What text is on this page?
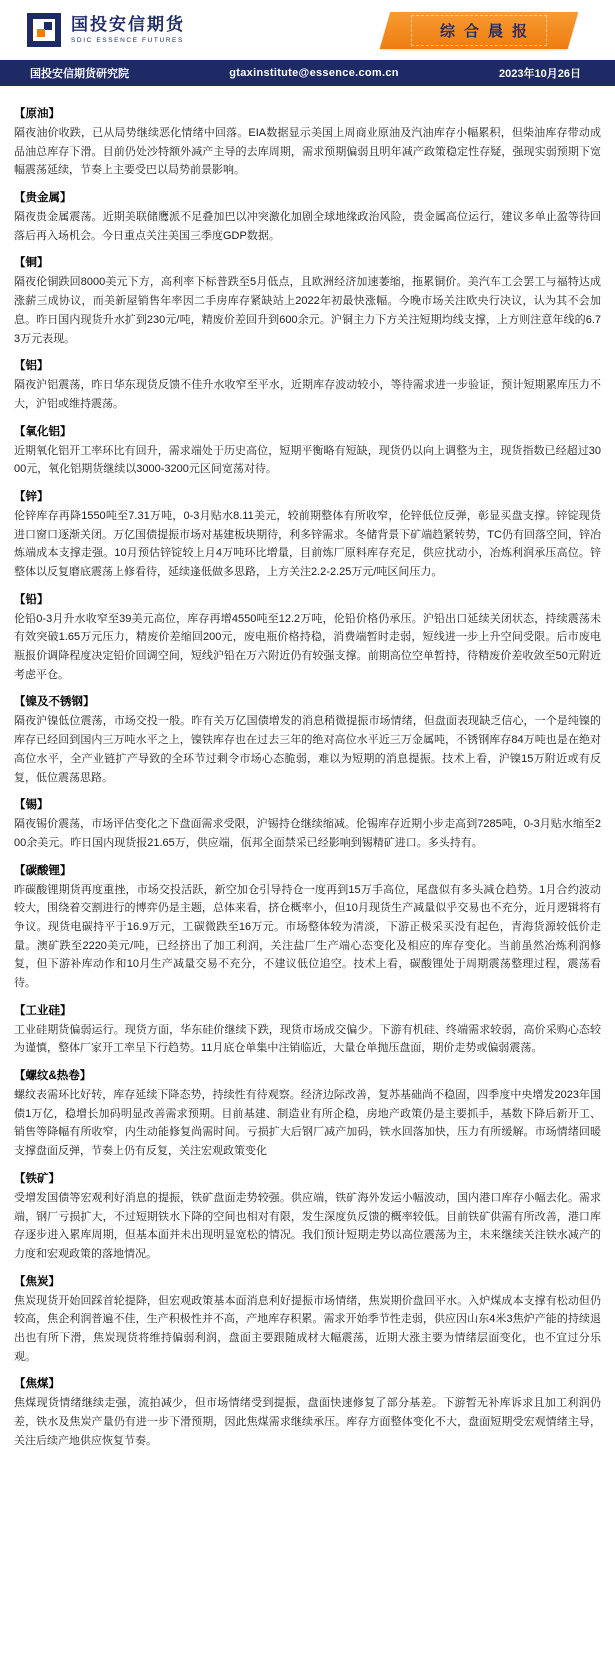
国投安信期货
SDIC ESSENCE FUTURES
综合晨报
国投安信期货研究院	gtaxinstitute@essence.com.cn	2023年10月26日
【原油】

隔夜油价收跌，已从局势继续恶化情绪中回落。EIA数据显示美国上周商业原油及汽油库存小幅累积，但柴油库存带动成品油总库存下滑。目前仍处沙特额外减产主导的去库周期，需求预期偏弱且明年减产政策稳定性存疑，强现实弱预期下宽幅震荡延续，节奏上主要受巴以局势前景影响。

【贵金属】

隔夜贵金属震荡。近期美联储鹰派不足叠加巴以冲突激化加剧全球地缘政治风险，贵金属高位运行，建议多单止盈等待回落后再入场机会。今日重点关注美国三季度GDP数据。

【铜】

隔夜伦铜跌回8000美元下方，高利率下标普跌至5月低点，且欧洲经济加速萎缩，拖累铜价。美汽车工会罢工与福特达成涨薪三成协议，而美新屋销售年率因二手房库存紧缺站上2022年初最快涨幅。今晚市场关注欧央行决议，认为其不会加息。昨日国内现货升水扩到230元/吨，精废价差回升到600余元。沪铜主力下方关注短期均线支撑，上方则注意年线的6.73万元表现。

【铝】

隔夜沪铝震荡，昨日华东现货反馈不佳升水收窄至平水，近期库存波动较小，等待需求进一步验证，预计短期累库压力不大，沪铝或维持震荡。

【氧化铝】

近期氧化铝开工率环比有回升，需求端处于历史高位，短期平衡略有短缺，现货仍以向上调整为主，现货指数已经超过3000元，氧化铝期货继续以3000-3200元区间宽荡对待。

【锌】

伦锌库存再降1550吨至7.31万吨，0-3月贴水8.11美元，较前期整体有所收窄，伦锌低位反弹，彰显买盘支撑。锌锭现货进口窗口逐渐关闭。万亿国债提振市场对基建板块期待，利多锌需求。冬储背景下矿端趋紧转势，TC仍有回落空间，锌冶炼端成本支撑走强。10月预估锌锭较上月4万吨环比增量，目前炼厂原料库存充足，供应扰动小，冶炼利润承压高位。锌整体以反复磨底震荡上修看待，延续逢低做多思路，上方关注2.2-2.25万元/吨区间压力。

【铅】

伦铅0-3月升水收窄至39美元高位，库存再增4550吨至12.2万吨，伦铅价格仍承压。沪铅出口延续关闭状态，持续震荡未有效突破1.65万元压力，精废价差缩回200元，废电瓶价格持稳，消费端暂时走弱，短线进一步上升空间受限。后市废电瓶报价调降程度决定铅价回调空间，短线沪铅在万六附近仍有较强支撑。前期高位空单暂持，待精废价差收敛至50元附近考虑平仓。

【镍及不锈钢】

隔夜沪镍低位震荡，市场交投一般。昨有关万亿国债增发的消息稍微提振市场情绪，但盘面表现缺乏信心，一个是纯镍的库存已经回到国内三万吨水平之上，镍铁库存也在过去三年的绝对高位水平近三万金属吨，不锈钢库存84万吨也是在绝对高位水平，全产业链扩产导致的全环节过剩令市场心态脆弱，难以为短期的消息提振。技术上看，沪镍15万附近或有反复，低位震荡思路。

【锡】

隔夜锡价震荡，市场评估变化之下盘面需求受限，沪锡持仓继续缩减。伦锡库存近期小步走高到7285吨，0-3月贴水缩至200余美元。昨日国内现货报21.65万，供应端，佤邦全面禁采已经影响到锡精矿进口。多头持有。

【碳酸锂】

昨碳酸锂期货再度重挫，市场交投活跃，新空加仓引导持仓一度再到15万手高位，尾盘似有多头减仓趋势。1月合约波动较大，围绕着交割进行的博弈仍是主题，总体来看，挤仓概率小，但10月现货生产减量似乎交易也不充分，近月逻辑将有争议。现货电碳持平于16.9万元，工碳微跌至16万元。市场整体较为清淡，下游正极采买没有起色，青海货源较低价走量。澳矿跌至2220美元/吨，已经挤出了加工利润，关注盐厂生产端心态变化及相应的库存变化。当前虽然冶炼利润修复，但下游补库动作和10月生产减量交易不充分，不建议低位追空。技术上看，碳酸锂处于周期震荡整理过程，震荡看待。

【工业硅】

工业硅期货偏弱运行。现货方面，华东硅价继续下跌，现货市场成交偏少。下游有机硅、终端需求较弱，高价采购心态较为谨慎，整体厂家开工率呈下行趋势。11月底仓单集中注销临近，大量仓单抛压盘面，期价走势或偏弱震荡。

【螺纹&热卷】

螺纹表需环比好转，库存延续下降态势，持续性有待观察。经济边际改善，复苏基础尚不稳固，四季度中央增发2023年国债1万亿，稳增长加码明显改善需求预期。目前基建、制造业有所企稳，房地产政策仍是主要抓手，基数下降后新开工、销售等降幅有所收窄，内生动能修复尚需时间。亏损扩大后钢厂减产加码，铁水回落加快，压力有所缓解。市场情绪回暖支撑盘面反弹，节奏上仍有反复，关注宏观政策变化

【铁矿】

受增发国债等宏观利好消息的提振，铁矿盘面走势较强。供应端，铁矿海外发运小幅波动，国内港口库存小幅去化。需求端，钢厂亏损扩大，不过短期铁水下降的空间也相对有限，发生深度负反馈的概率较低。目前铁矿供需有所改善，港口库存逐步进入累库周期，但基本面并未出现明显宽松的情况。我们预计短期走势以高位震荡为主，未来继续关注铁水减产的力度和宏观政策的落地情况。

【焦炭】

焦炭现货开始回踩首轮提降，但宏观政策基本面消息利好提振市场情绪，焦炭期价盘回平水。入炉煤成本支撑有松动但仍较高，焦企利润普遍不佳，生产积极性并不高，产地库存积累。需求开始季节性走弱，供应因山东4米3焦炉产能的持续退出也有所下滑，焦炭现货将维持偏弱利润，盘面主要跟随成材大幅震荡，近期大涨主要为情绪层面变化，也不宜过分乐观。

【焦煤】

焦煤现货情绪继续走强，流拍减少，但市场情绪受到提振，盘面快速修复了部分基差。下游暂无补库诉求且加工利润仍差，铁水及焦炭产量仍有进一步下滑预期，因此焦煤需求继续承压。库存方面整体变化不大，盘面短期受宏观情绪主导，关注后续产地供应恢复节奏。
